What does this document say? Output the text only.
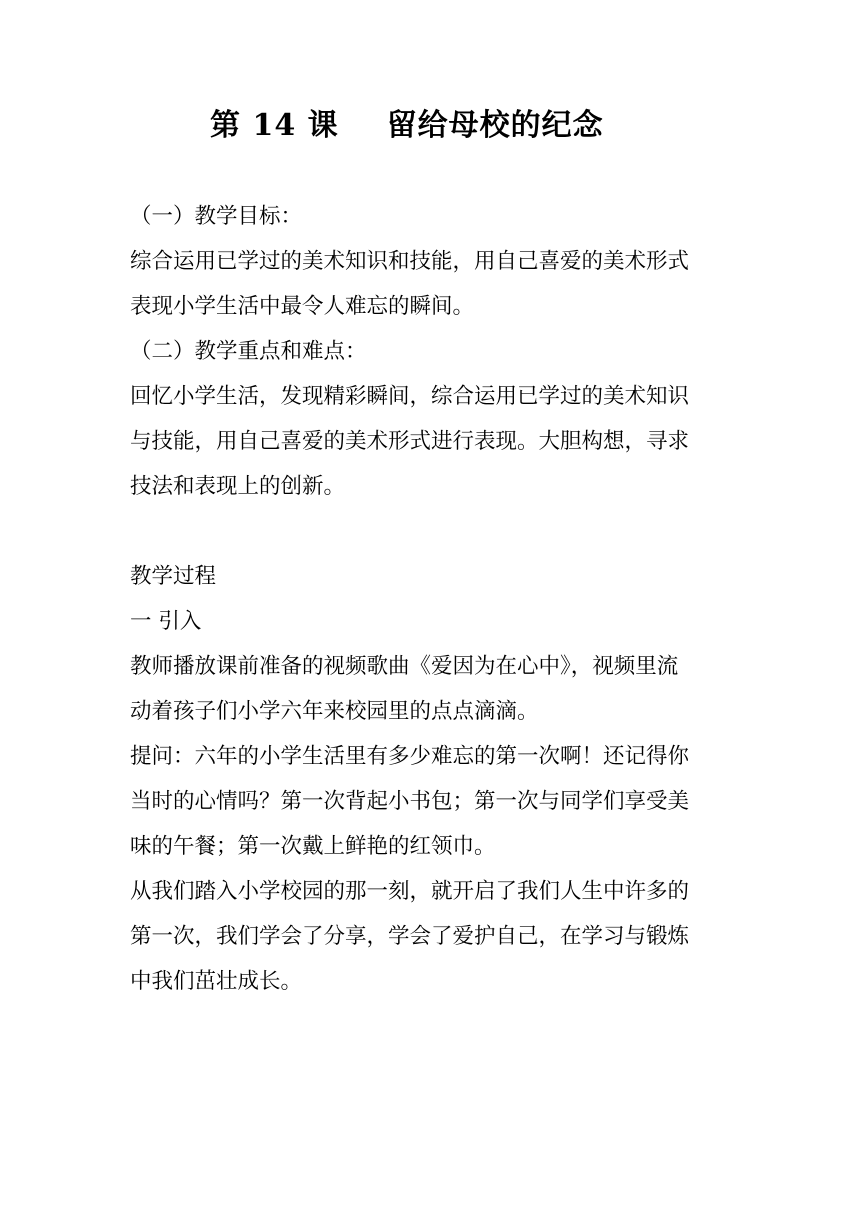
第 14 课 留给母校的纪念
（一）教学目标：
综合运用已学过的美术知识和技能，用自己喜爱的美术形式
表现小学生活中最令人难忘的瞬间。
（二）教学重点和难点：
回忆小学生活，发现精彩瞬间，综合运用已学过的美术知识
与技能，用自己喜爱的美术形式进行表现。大胆构想，寻求
技法和表现上的创新。
教学过程
一 引入
教师播放课前准备的视频歌曲《爱因为在心中》，视频里流
动着孩子们小学六年来校园里的点点滴滴。
提问：六年的小学生活里有多少难忘的第一次啊！还记得你
当时的心情吗？第一次背起小书包；第一次与同学们享受美
味的午餐；第一次戴上鲜艳的红领巾。
从我们踏入小学校园的那一刻，就开启了我们人生中许多的
第一次，我们学会了分享，学会了爱护自己，在学习与锻炼
中我们茁壮成长。
